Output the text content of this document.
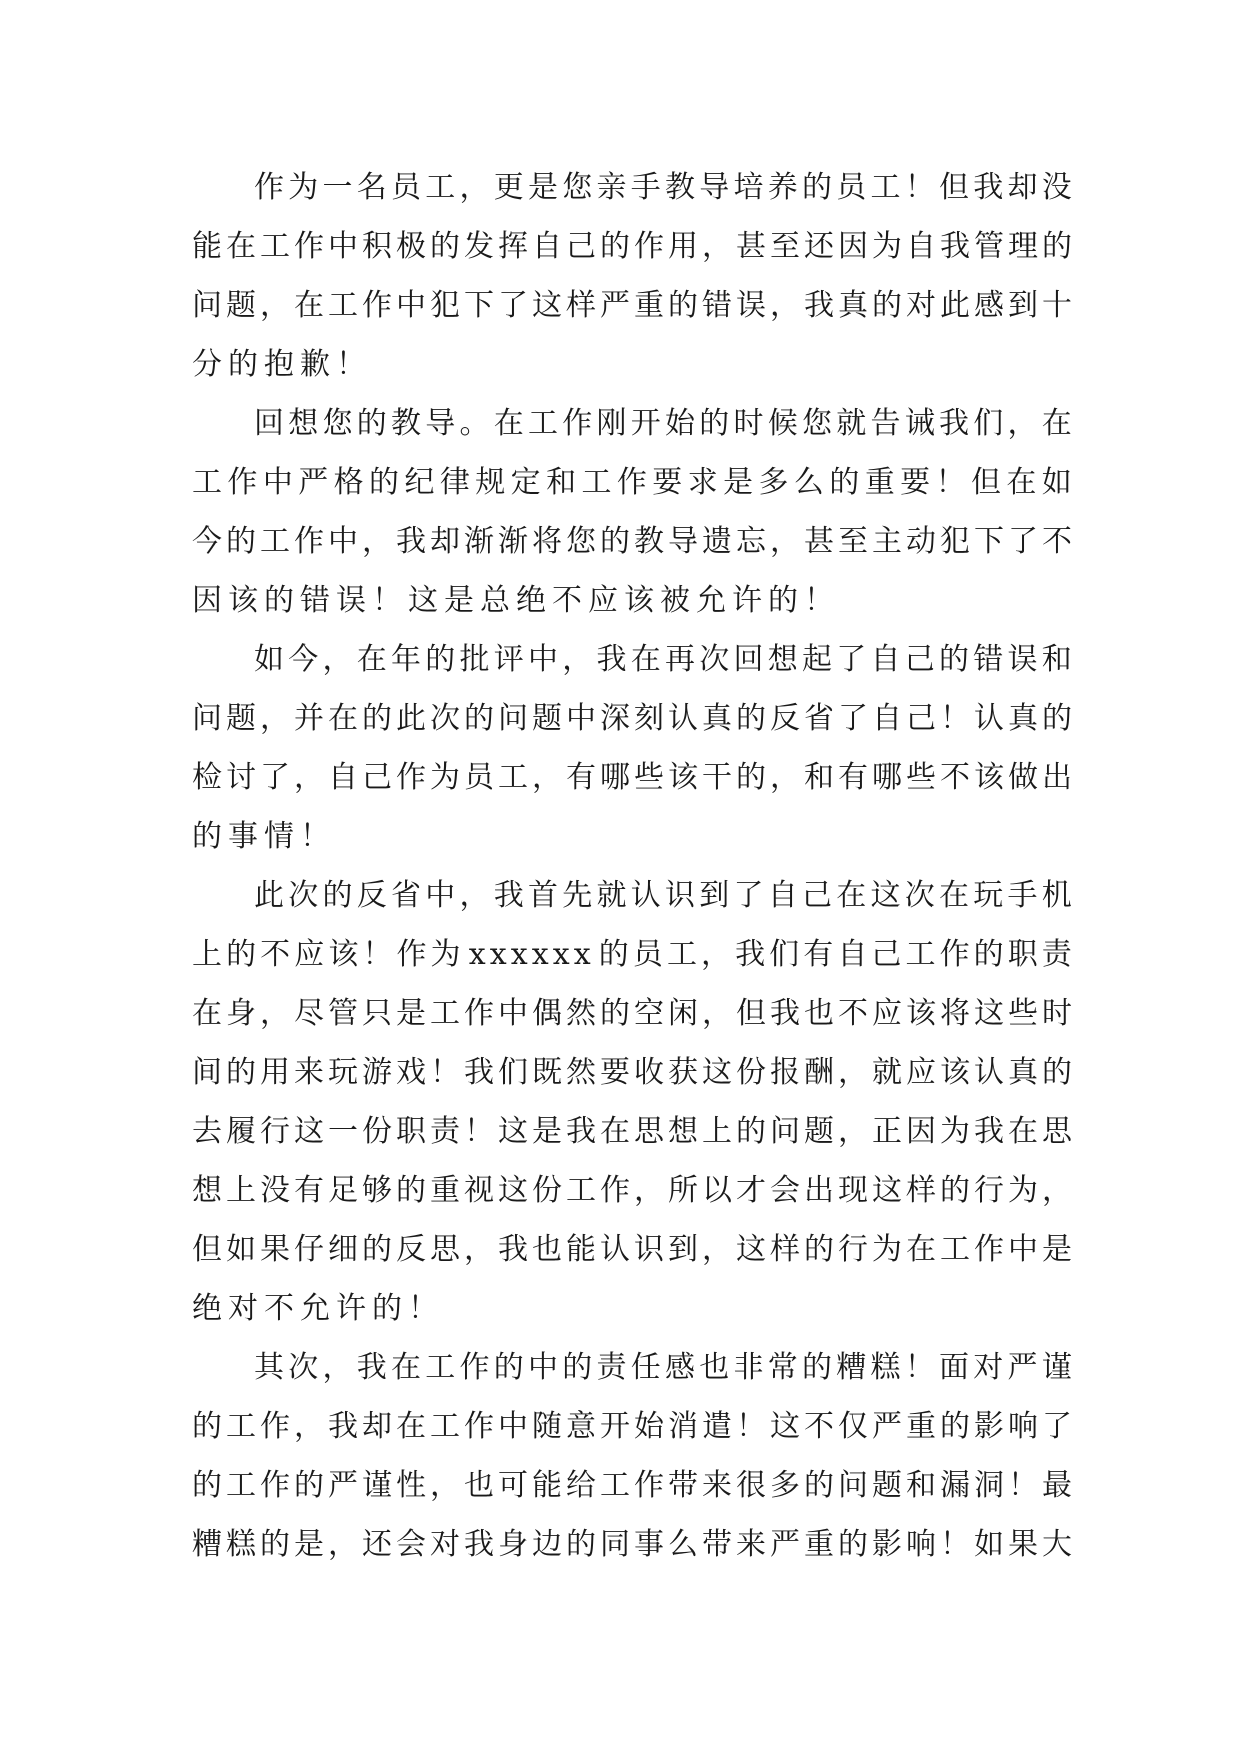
作 为 一 名 员 工 ， 更 是 您 亲 手 教 导 培 养 的 员 工 ！ 但 我 却 没
能 在 工 作 中 积 极 的 发 挥 自 己 的 作 用 ， 甚 至 还 因 为 自 我 管 理 的
问 题 ， 在 工 作 中 犯 下 了 这 样 严 重 的 错 误 ， 我 真 的 对 此 感 到 十
分的抱歉！
回 想 您 的 教 导 。 在 工 作 刚 开 始 的 时 候 您 就 告 诫 我 们 ， 在
工 作 中 严 格 的 纪 律 规 定 和 工 作 要 求 是 多 么 的 重 要 ！ 但 在 如
今 的 工 作 中 ， 我 却 渐 渐 将 您 的 教 导 遗 忘 ， 甚 至 主 动 犯 下 了 不
因该的错误！这是总绝不应该被允许的！
如 今 ， 在 年 的 批 评 中 ， 我 在 再 次 回 想 起 了 自 己 的 错 误 和
问 题 ， 并 在 的 此 次 的 问 题 中 深 刻 认 真 的 反 省 了 自 己 ！ 认 真 的
检 讨 了 ， 自 己 作 为 员 工 ， 有 哪 些 该 干 的 ， 和 有 哪 些 不 该 做 出
的事情！
此 次 的 反 省 中 ， 我 首 先 就 认 识 到 了 自 己 在 这 次 在 玩 手 机
上 的 不 应 该 ！ 作 为 x x x x x x 的 员 工 ， 我 们 有 自 己 工 作 的 职 责
在 身 ， 尽 管 只 是 工 作 中 偶 然 的 空 闲 ， 但 我 也 不 应 该 将 这 些 时
间 的 用 来 玩 游 戏 ！ 我 们 既 然 要 收 获 这 份 报 酬 ， 就 应 该 认 真 的
去 履 行 这 一 份 职 责 ！ 这 是 我 在 思 想 上 的 问 题 ， 正 因 为 我 在 思
想 上 没 有 足 够 的 重 视 这 份 工 作 ， 所 以 才 会 出 现 这 样 的 行 为 ，
但 如 果 仔 细 的 反 思 ， 我 也 能 认 识 到 ， 这 样 的 行 为 在 工 作 中 是
绝对不允许的！
其 次 ， 我 在 工 作 的 中 的 责 任 感 也 非 常 的 糟 糕 ！ 面 对 严 谨
的 工 作 ， 我 却 在 工 作 中 随 意 开 始 消 遣 ！ 这 不 仅 严 重 的 影 响 了
的 工 作 的 严 谨 性 ， 也 可 能 给 工 作 带 来 很 多 的 问 题 和 漏 洞 ！ 最
糟 糕 的 是 ， 还 会 对 我 身 边 的 同 事 么 带 来 严 重 的 影 响 ！ 如 果 大
